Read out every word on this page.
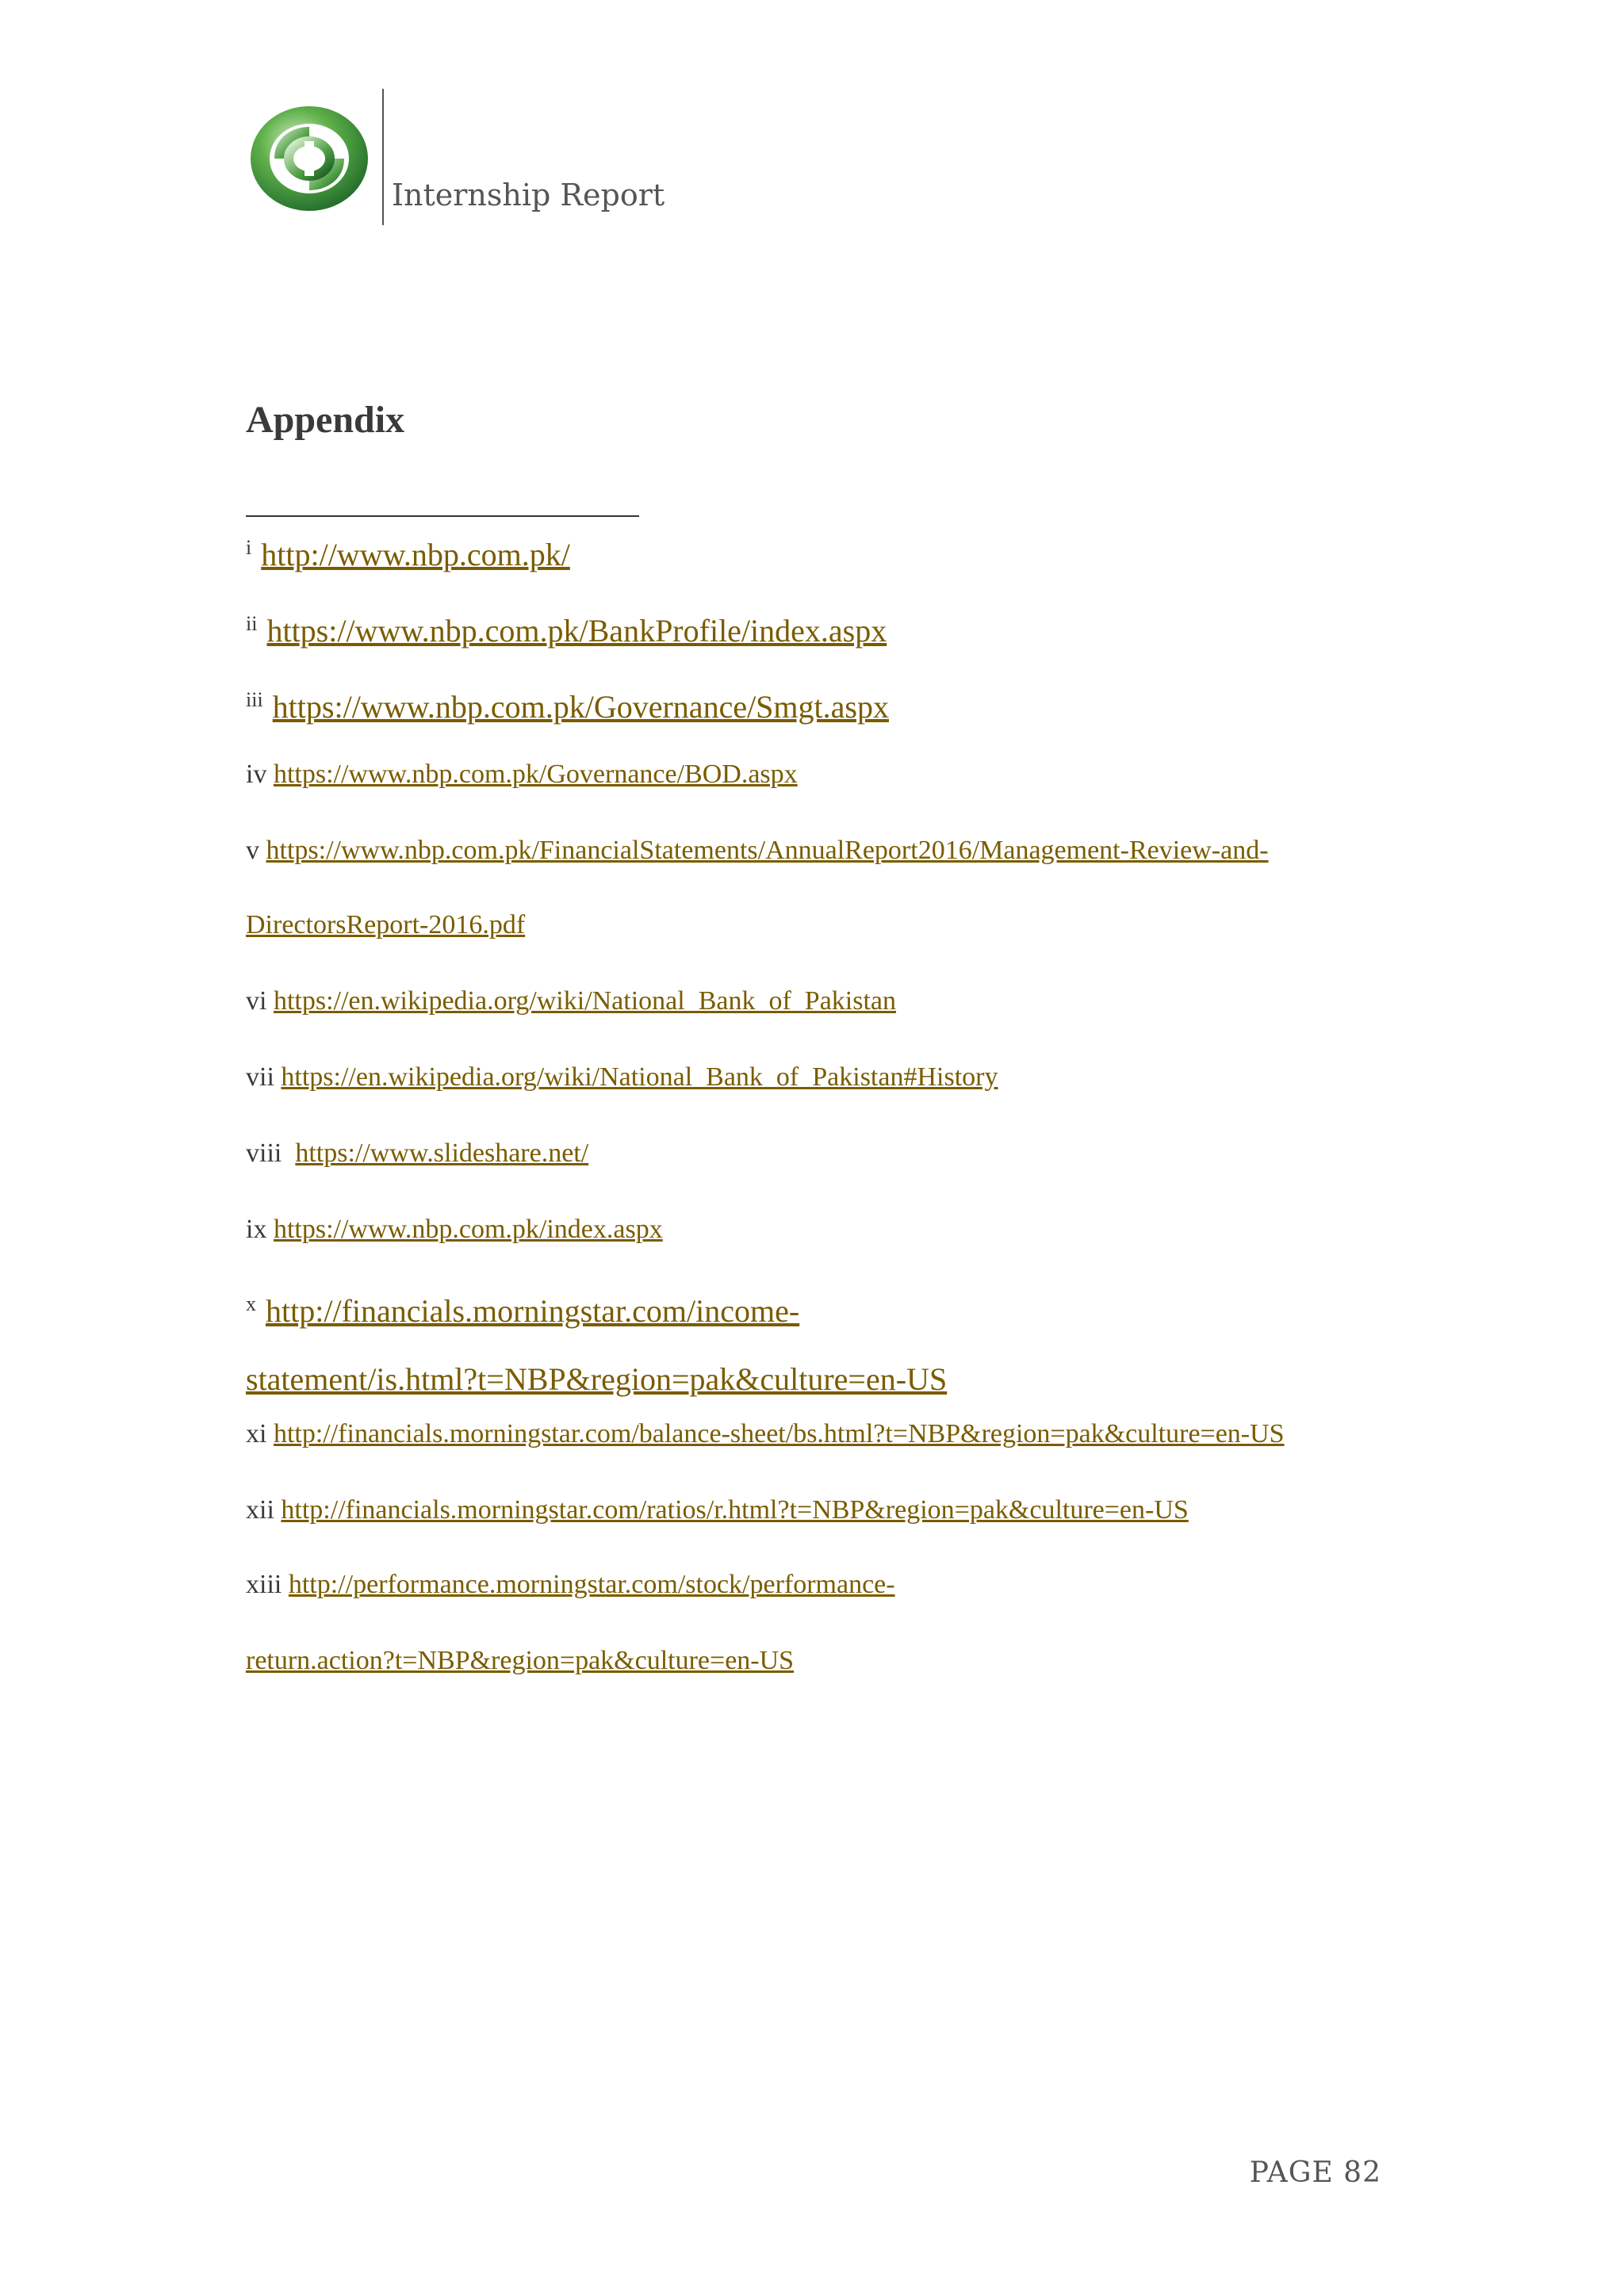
Internship Report
Appendix
$^i$ http://www.nbp.com.pk/
$^{ii}$ https://www.nbp.com.pk/BankProfile/index.aspx
$^{iii}$ https://www.nbp.com.pk/Governance/Smgt.aspx
iv https://www.nbp.com.pk/Governance/BOD.aspx
v https://www.nbp.com.pk/FinancialStatements/AnnualReport2016/Management-Review-and-
DirectorsReport-2016.pdf
vi https://en.wikipedia.org/wiki/National_Bank_of_Pakistan
vii https://en.wikipedia.org/wiki/National_Bank_of_Pakistan#History
viii https://www.slideshare.net/
ix https://www.nbp.com.pk/index.aspx
$^x$ http://financials.morningstar.com/income-
statement/is.html?t=NBP&region=pak&culture=en-US
xi http://financials.morningstar.com/balance-sheet/bs.html?t=NBP&region=pak&culture=en-US
xii http://financials.morningstar.com/ratios/r.html?t=NBP&region=pak&culture=en-US
xiii http://performance.morningstar.com/stock/performance-
return.action?t=NBP&region=pak&culture=en-US
PAGE 82
